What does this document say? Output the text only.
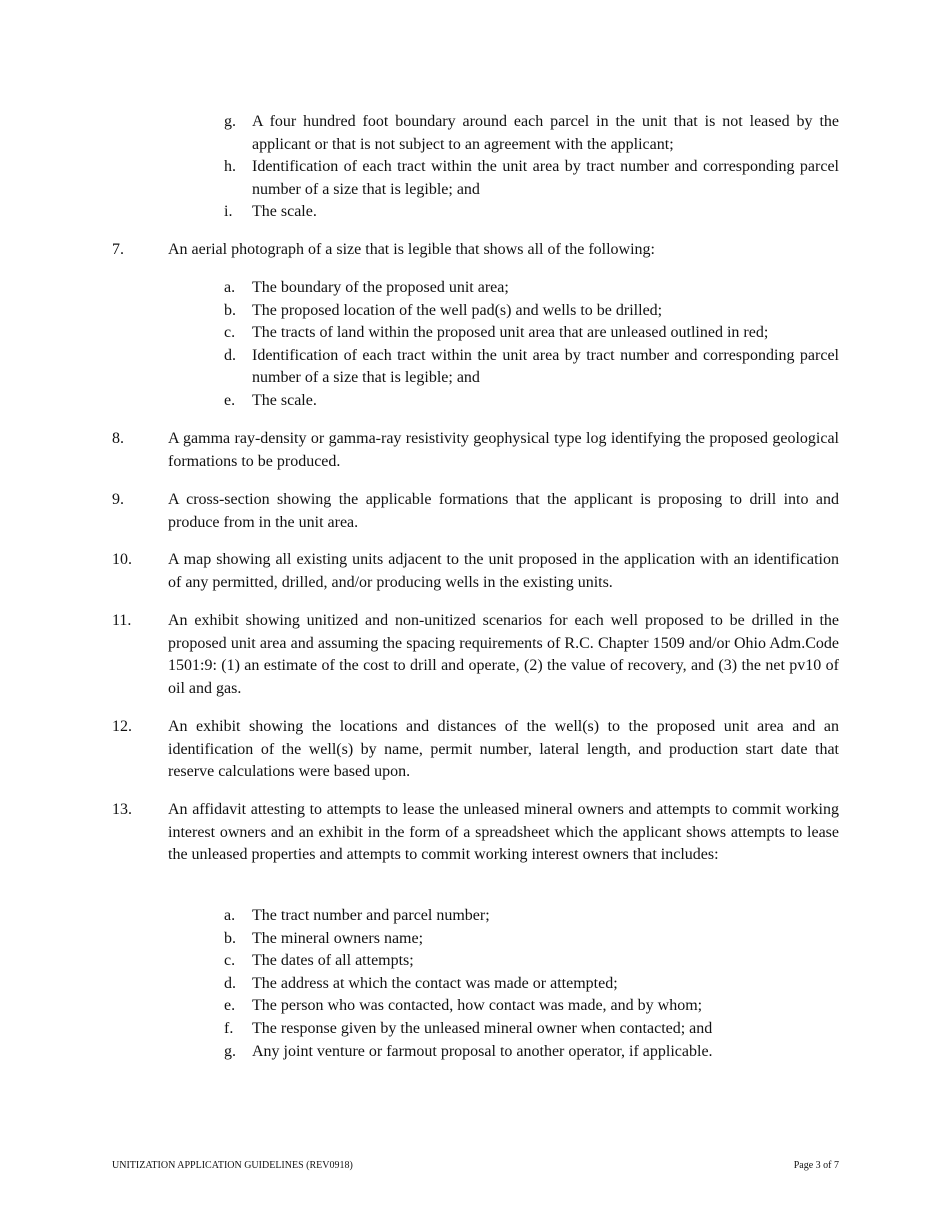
g. A four hundred foot boundary around each parcel in the unit that is not leased by the applicant or that is not subject to an agreement with the applicant;
h. Identification of each tract within the unit area by tract number and corresponding parcel number of a size that is legible; and
i. The scale.
7.	An aerial photograph of a size that is legible that shows all of the following:
a. The boundary of the proposed unit area;
b. The proposed location of the well pad(s) and wells to be drilled;
c. The tracts of land within the proposed unit area that are unleased outlined in red;
d. Identification of each tract within the unit area by tract number and corresponding parcel number of a size that is legible; and
e. The scale.
8.	A gamma ray-density or gamma-ray resistivity geophysical type log identifying the proposed geological formations to be produced.
9.	A cross-section showing the applicable formations that the applicant is proposing to drill into and produce from in the unit area.
10. A map showing all existing units adjacent to the unit proposed in the application with an identification of any permitted, drilled, and/or producing wells in the existing units.
11. An exhibit showing unitized and non-unitized scenarios for each well proposed to be drilled in the proposed unit area and assuming the spacing requirements of R.C. Chapter 1509 and/or Ohio Adm.Code 1501:9: (1) an estimate of the cost to drill and operate, (2) the value of recovery, and (3) the net pv10 of oil and gas.
12. An exhibit showing the locations and distances of the well(s) to the proposed unit area and an identification of the well(s) by name, permit number, lateral length, and production start date that reserve calculations were based upon.
13. An affidavit attesting to attempts to lease the unleased mineral owners and attempts to commit working interest owners and an exhibit in the form of a spreadsheet which the applicant shows attempts to lease the unleased properties and attempts to commit working interest owners that includes:
a. The tract number and parcel number;
b. The mineral owners name;
c. The dates of all attempts;
d. The address at which the contact was made or attempted;
e. The person who was contacted, how contact was made, and by whom;
f. The response given by the unleased mineral owner when contacted; and
g. Any joint venture or farmout proposal to another operator, if applicable.
UNITIZATION APPLICATION GUIDELINES (REV0918)	Page 3 of 7
